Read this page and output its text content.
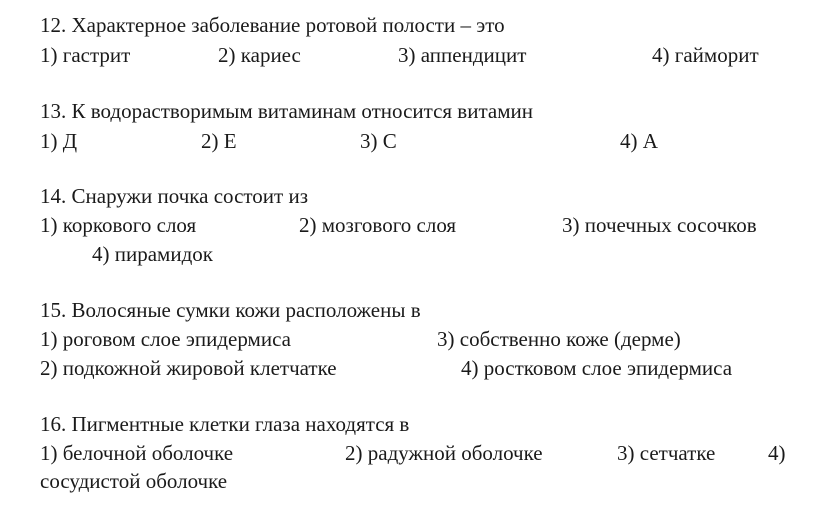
12. Характерное заболевание ротовой полости – это
1) гастрит	2) кариес	3) аппендицит	4) гайморит
13. К водорастворимым витаминам относится витамин
1) Д	2) Е	3) С	4) А
14. Снаружи почка состоит из
1) коркового слоя	2) мозгового слоя	3) почечных сосочков
4) пирамидок
15. Волосяные сумки кожи расположены в
1) роговом слое эпидермиса	3) собственно коже (дерме)
2) подкожной жировой клетчатке	4) ростковом слое эпидермиса
16. Пигментные клетки глаза находятся в
1) белочной оболочке	2) радужной оболочке	3) сетчатке	4)
сосудистой оболочке
